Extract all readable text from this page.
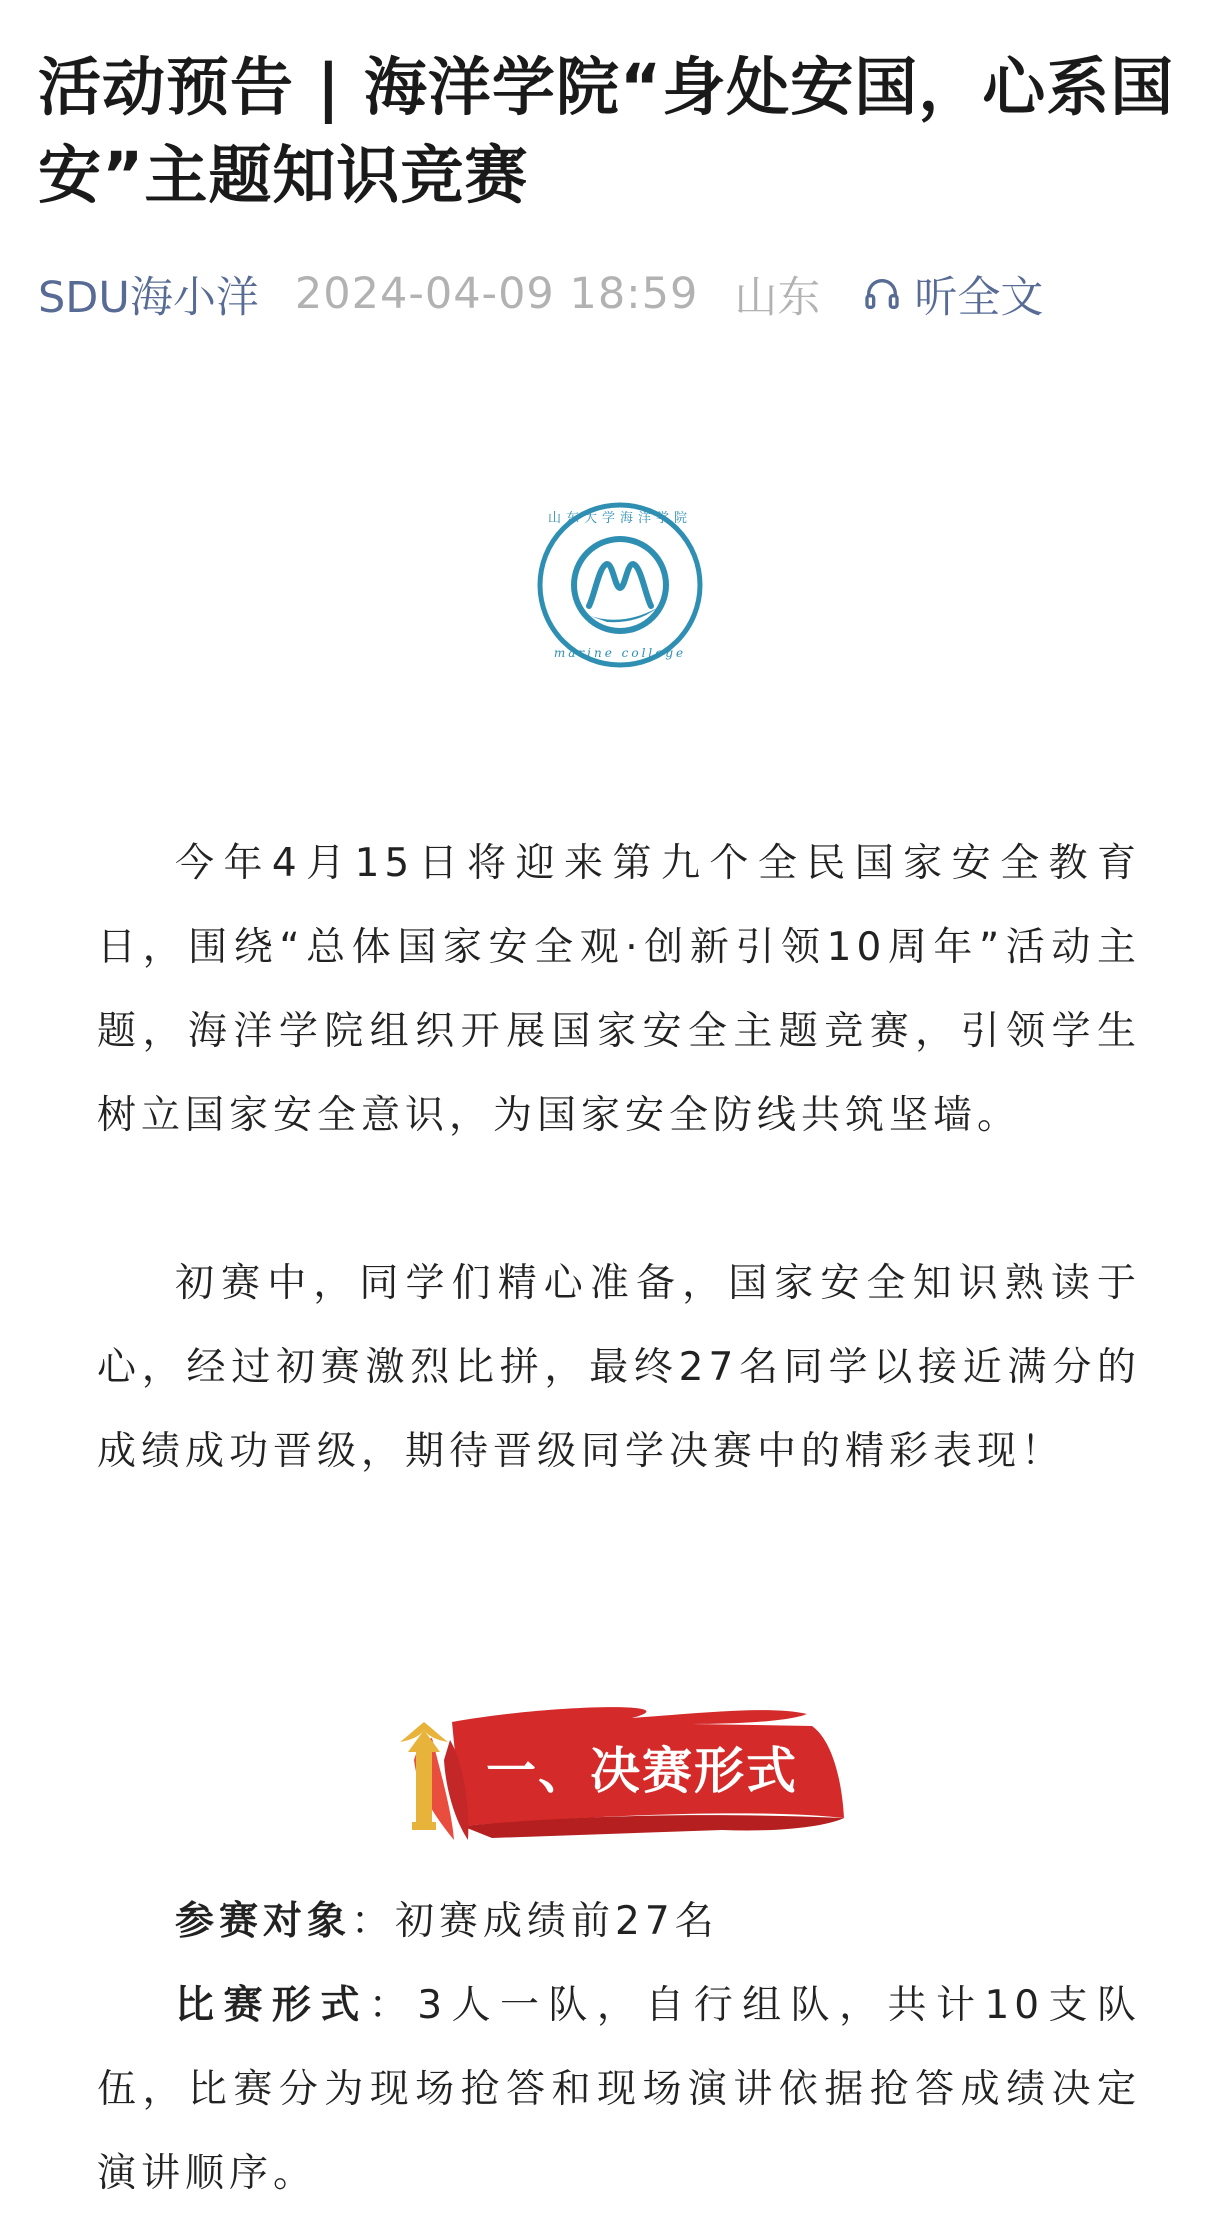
活动预告 | 海洋学院“身处安国，心系国安”主题知识竞赛
SDU海小洋 2024-04-09 18:59 山东 听全文
山东大学海洋学院
marine college

今年4月15日将迎来第九个全民国家安全教育日，围绕“总体国家安全观·创新引领10周年”活动主题，海洋学院组织开展国家安全主题竞赛，引领学生树立国家安全意识，为国家安全防线共筑坚墙。

初赛中，同学们精心准备，国家安全知识熟读于心，经过初赛激烈比拼，最终27名同学以接近满分的成绩成功晋级，期待晋级同学决赛中的精彩表现！

一、决赛形式

参赛对象：初赛成绩前27名

比赛形式：3人一队，自行组队，共计10支队伍，比赛分为现场抢答和现场演讲依据抢答成绩决定演讲顺序。
